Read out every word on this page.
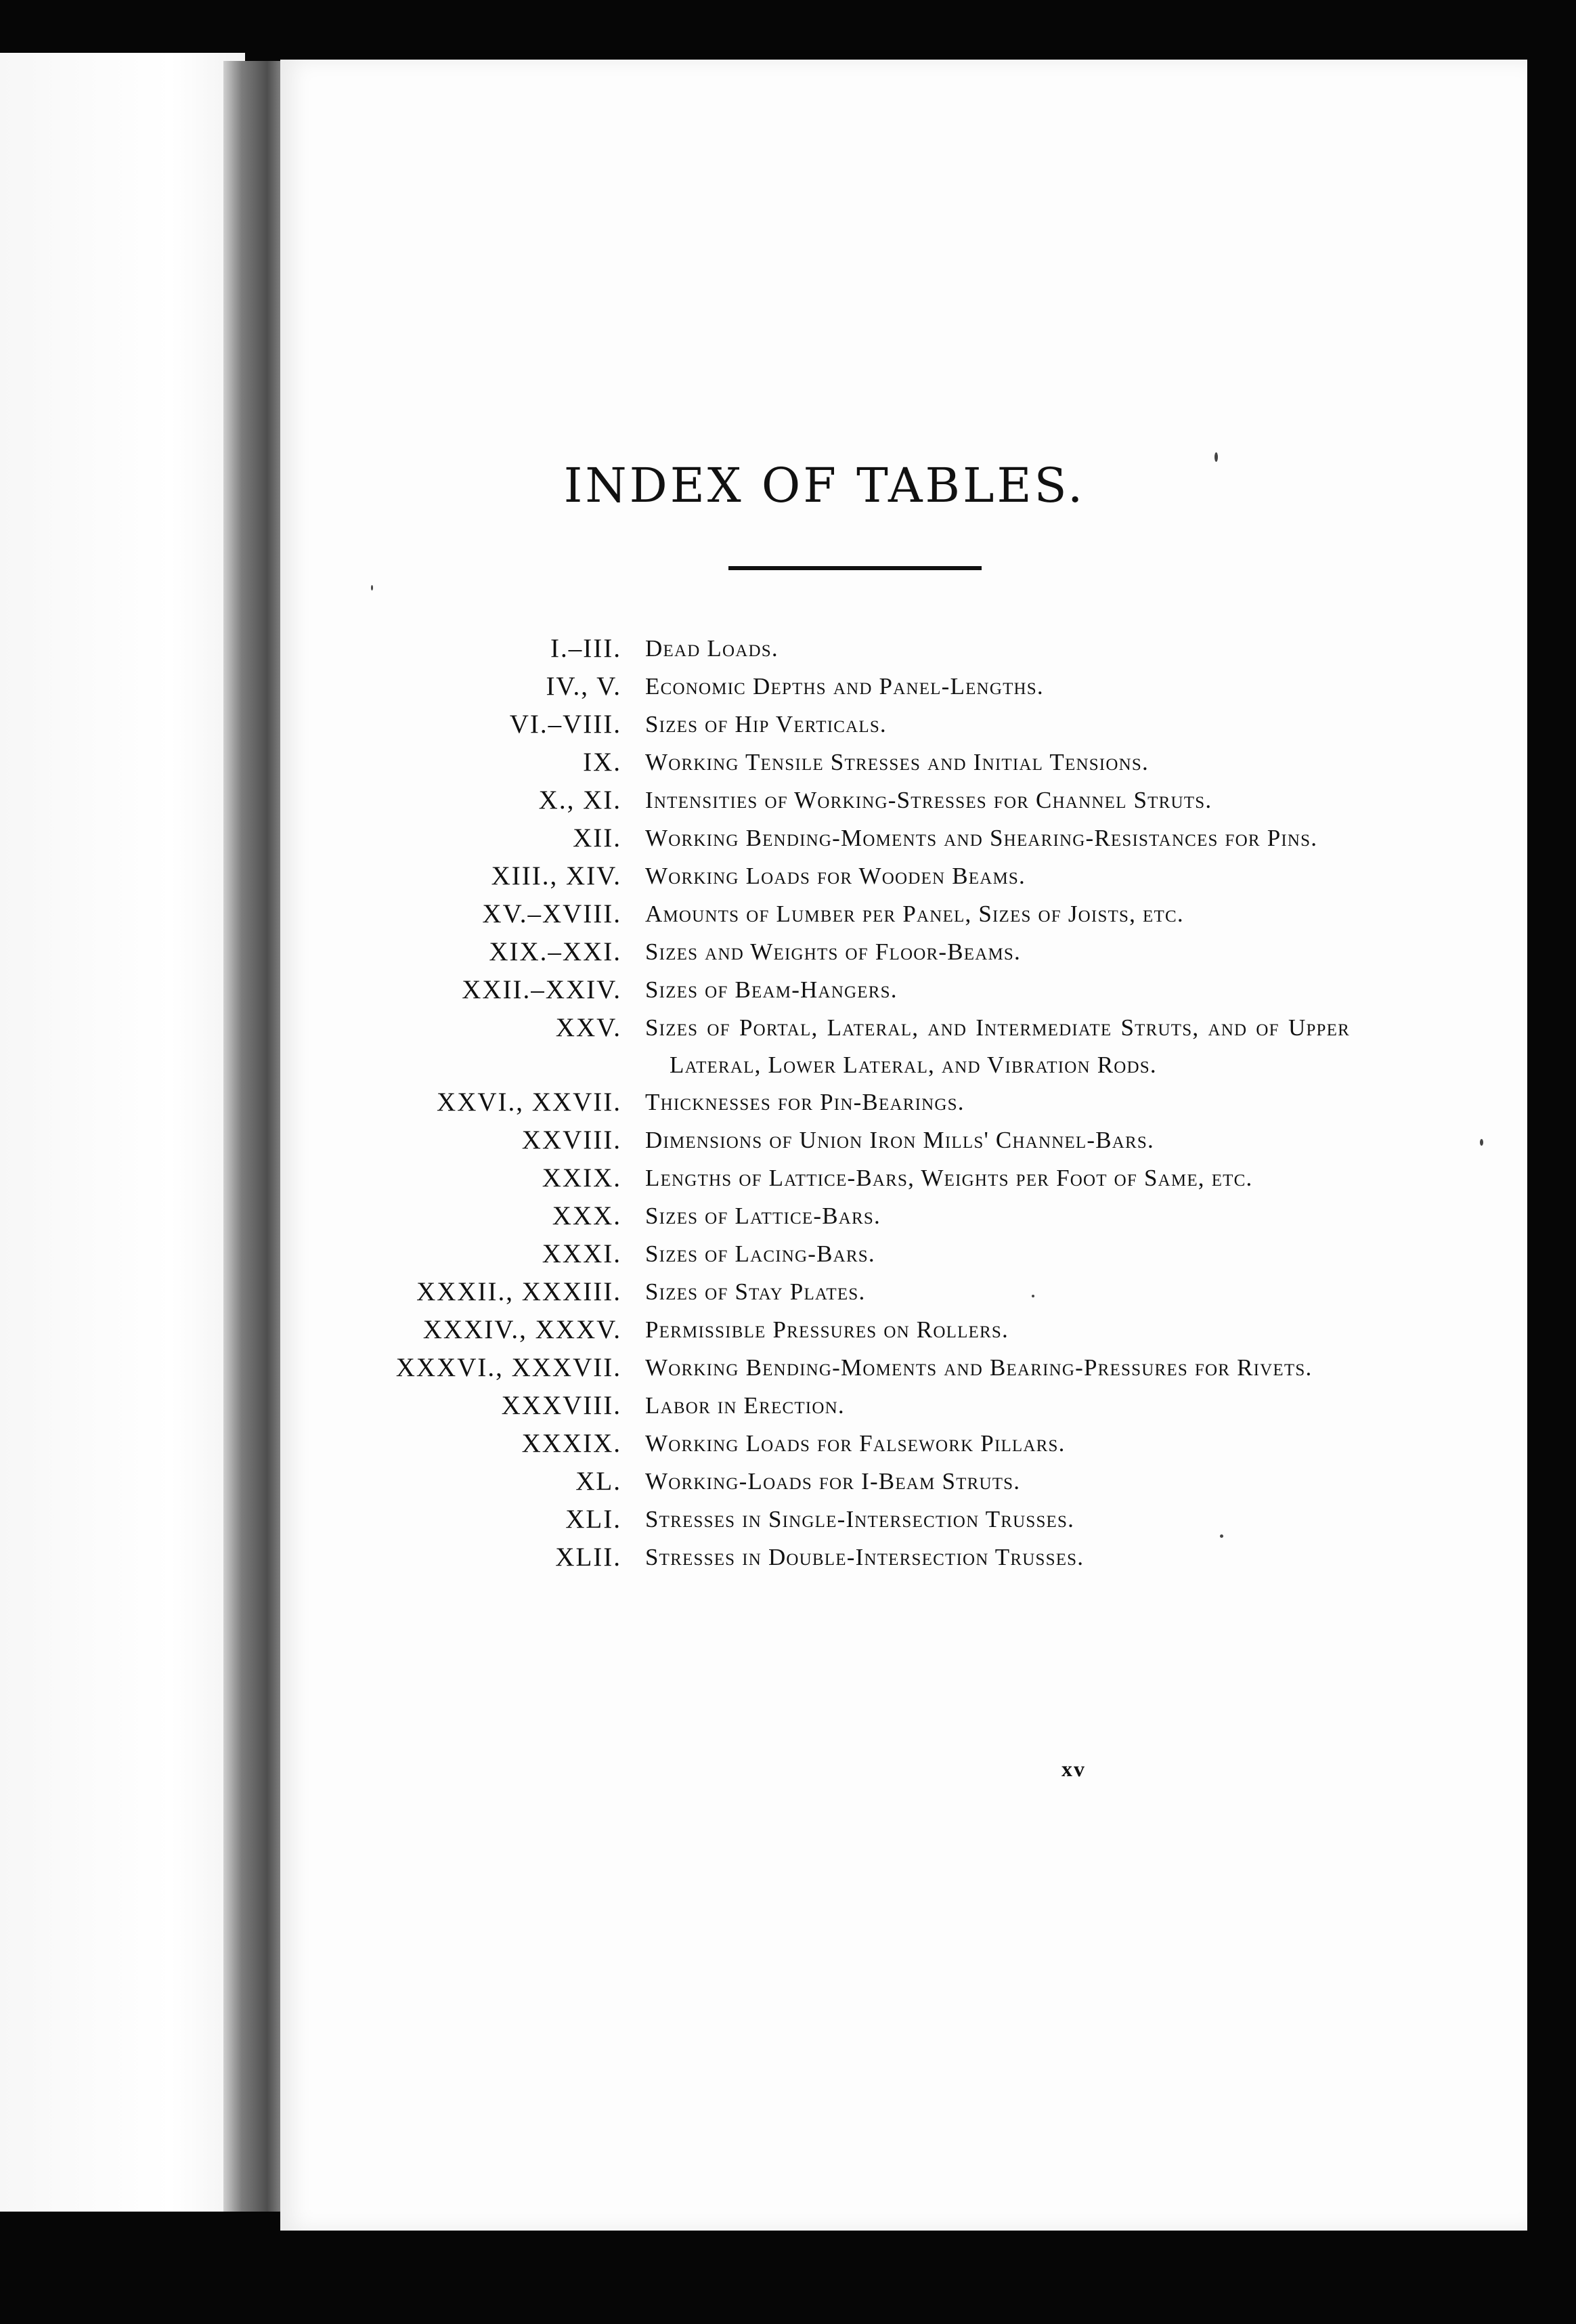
INDEX OF TABLES.
I.–III. Dead Loads.
IV., V. Economic Depths and Panel-Lengths.
VI.–VIII. Sizes of Hip Verticals.
IX. Working Tensile Stresses and Initial Tensions.
X., XI. Intensities of Working-Stresses for Channel Struts.
XII. Working Bending-Moments and Shearing-Resistances for Pins.
XIII., XIV. Working Loads for Wooden Beams.
XV.–XVIII. Amounts of Lumber per Panel, Sizes of Joists, etc.
XIX.–XXI. Sizes and Weights of Floor-Beams.
XXII.–XXIV. Sizes of Beam-Hangers.
XXV. Sizes of Portal, Lateral, and Intermediate Struts, and of Upper Lateral, Lower Lateral, and Vibration Rods.
XXVI., XXVII. Thicknesses for Pin-Bearings.
XXVIII. Dimensions of Union Iron Mills' Channel-Bars.
XXIX. Lengths of Lattice-Bars, Weights per Foot of Same, etc.
XXX. Sizes of Lattice-Bars.
XXXI. Sizes of Lacing-Bars.
XXXII., XXXIII. Sizes of Stay Plates.
XXXIV., XXXV. Permissible Pressures on Rollers.
XXXVI., XXXVII. Working Bending-Moments and Bearing-Pressures for Rivets.
XXXVIII. Labor in Erection.
XXXIX. Working Loads for Falsework Pillars.
XL. Working-Loads for I-Beam Struts.
XLI. Stresses in Single-Intersection Trusses.
XLII. Stresses in Double-Intersection Trusses.
xv
